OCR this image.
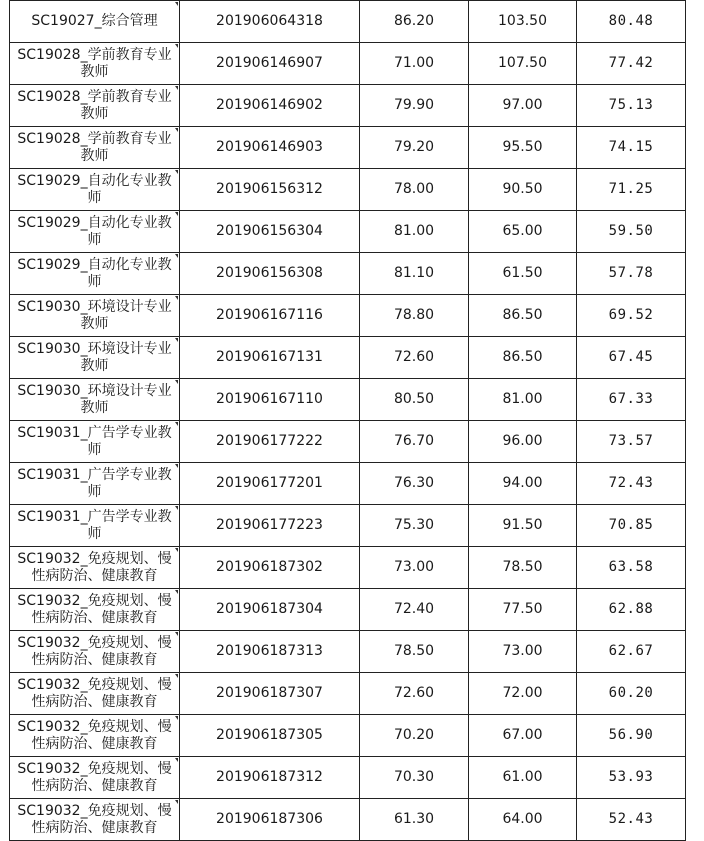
SC19027_综合管理	201906064318	86.20	103.50	80.48
SC19028_学前教育专业教师	201906146907	71.00	107.50	77.42
SC19028_学前教育专业教师	201906146902	79.90	97.00	75.13
SC19028_学前教育专业教师	201906146903	79.20	95.50	74.15
SC19029_自动化专业教师	201906156312	78.00	90.50	71.25
SC19029_自动化专业教师	201906156304	81.00	65.00	59.50
SC19029_自动化专业教师	201906156308	81.10	61.50	57.78
SC19030_环境设计专业教师	201906167116	78.80	86.50	69.52
SC19030_环境设计专业教师	201906167131	72.60	86.50	67.45
SC19030_环境设计专业教师	201906167110	80.50	81.00	67.33
SC19031_广告学专业教师	201906177222	76.70	96.00	73.57
SC19031_广告学专业教师	201906177201	76.30	94.00	72.43
SC19031_广告学专业教师	201906177223	75.30	91.50	70.85
SC19032_免疫规划、慢性病防治、健康教育	201906187302	73.00	78.50	63.58
SC19032_免疫规划、慢性病防治、健康教育	201906187304	72.40	77.50	62.88
SC19032_免疫规划、慢性病防治、健康教育	201906187313	78.50	73.00	62.67
SC19032_免疫规划、慢性病防治、健康教育	201906187307	72.60	72.00	60.20
SC19032_免疫规划、慢性病防治、健康教育	201906187305	70.20	67.00	56.90
SC19032_免疫规划、慢性病防治、健康教育	201906187312	70.30	61.00	53.93
SC19032_免疫规划、慢性病防治、健康教育	201906187306	61.30	64.00	52.43
